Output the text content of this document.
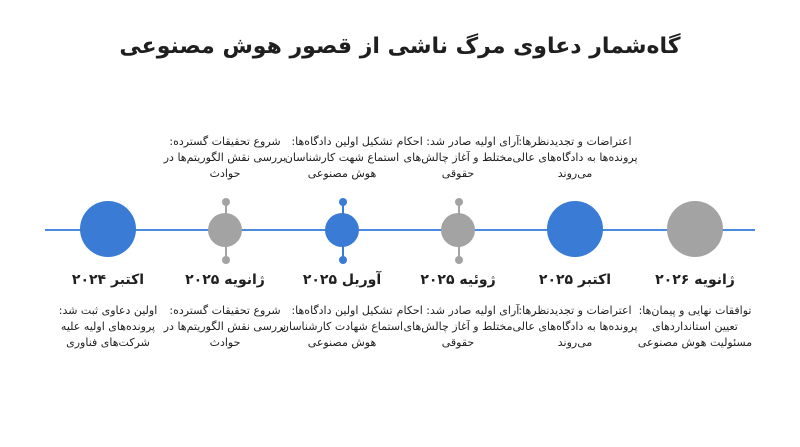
گاه‌شمار دعاوی مرگ ناشی از قصور هوش مصنوعی
اکتبر ۲۰۲۴
اولین دعاوی ثبت شد: پرونده‌های اولیه علیه شرکت‌های فناوری
شروع تحقیقات گسترده: بررسی نقش الگوریتم‌ها در حوادث
ژانویه ۲۰۲۵
شروع تحقیقات گسترده: بررسی نقش الگوریتم‌ها در حوادث
تشکیل اولین دادگاه‌ها: استماع شهت کارشناسان هوش مصنوعی
آوریل ۲۰۲۵
تشکیل اولین دادگاه‌ها: استماع شهادت کارشناسان هوش مصنوعی
آرای اولیه صادر شد: احکام مختلط و آغاز چالش‌های حقوقی
ژوئیه ۲۰۲۵
آرای اولیه صادر شد: احکام مختلط و آغاز چالش‌های حقوقی
اعتراضات و تجدیدنظرها: پرونده‌ها به دادگاه‌های عالی می‌روند
اکتبر ۲۰۲۵
اعتراضات و تجدیدنظرها: پرونده‌ها به دادگاه‌های عالی می‌روند
ژانویه ۲۰۲۶
توافقات نهایی و پیمان‌ها: تعیین استانداردهای مسئولیت هوش مصنوعی
